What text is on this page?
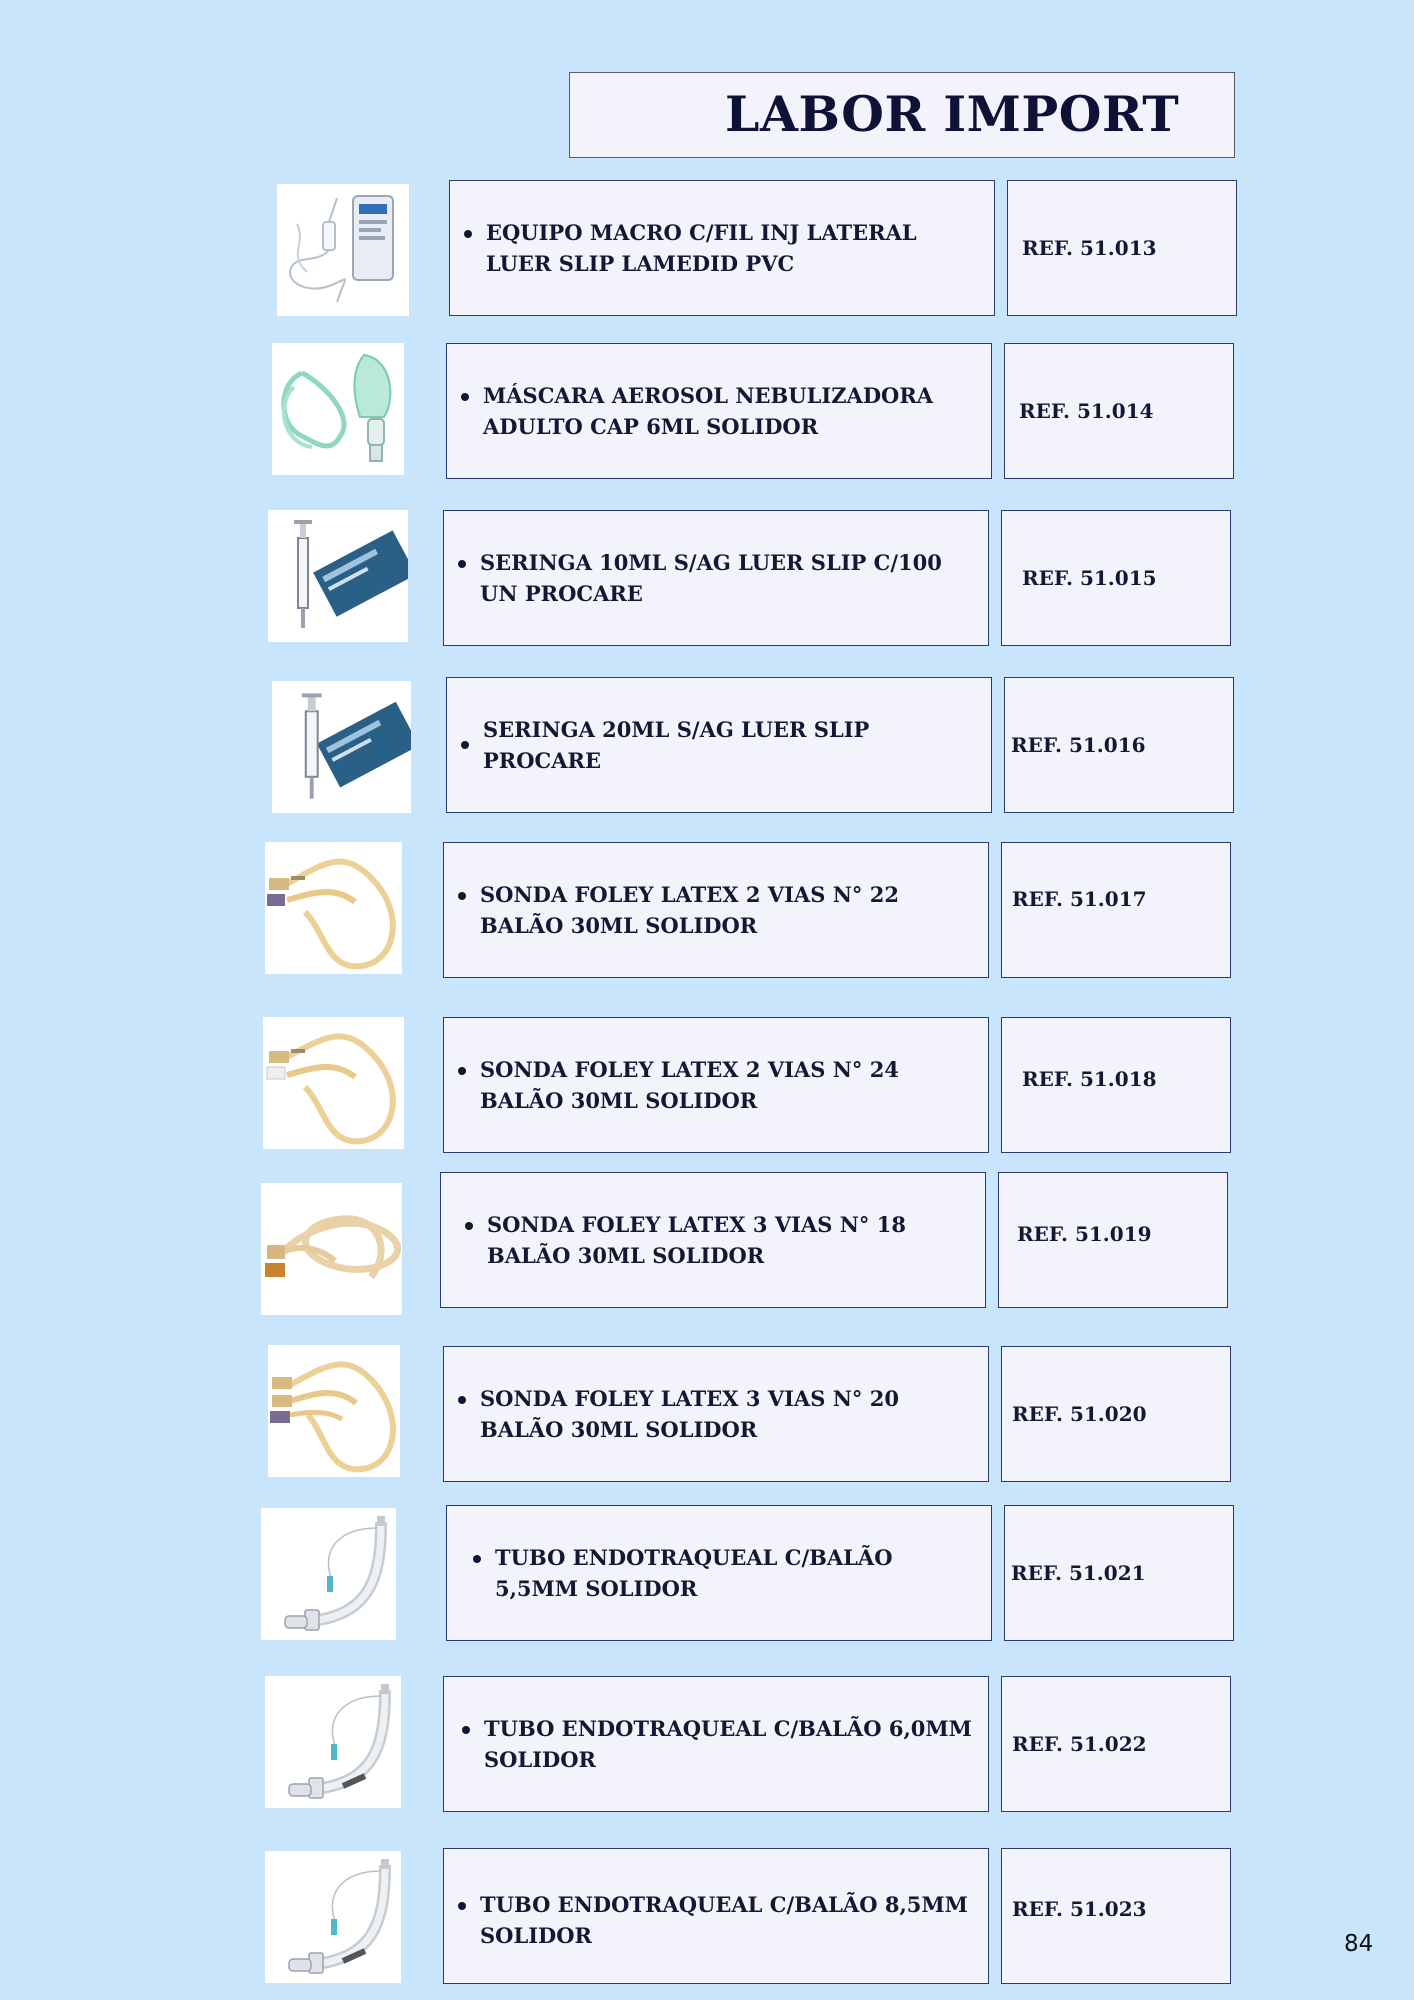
LABOR IMPORT
EQUIPO MACRO C/FIL INJ LATERAL LUER SLIP LAMEDID PVC
REF. 51.013
MÁSCARA AEROSOL NEBULIZADORA ADULTO CAP 6ML SOLIDOR
REF. 51.014
SERINGA 10ML S/AG LUER SLIP C/100 UN PROCARE
REF. 51.015
SERINGA 20ML S/AG LUER SLIP PROCARE
REF. 51.016
SONDA FOLEY LATEX 2 VIAS N° 22 BALÃO 30ML SOLIDOR
REF. 51.017
SONDA FOLEY LATEX 2 VIAS N° 24 BALÃO 30ML SOLIDOR
REF. 51.018
SONDA FOLEY LATEX 3 VIAS N° 18 BALÃO 30ML SOLIDOR
REF. 51.019
SONDA FOLEY LATEX 3 VIAS N° 20 BALÃO 30ML SOLIDOR
REF. 51.020
TUBO ENDOTRAQUEAL C/BALÃO 5,5MM SOLIDOR
REF. 51.021
TUBO ENDOTRAQUEAL C/BALÃO 6,0MM SOLIDOR
REF. 51.022
TUBO ENDOTRAQUEAL C/BALÃO 8,5MM SOLIDOR
REF. 51.023
84
